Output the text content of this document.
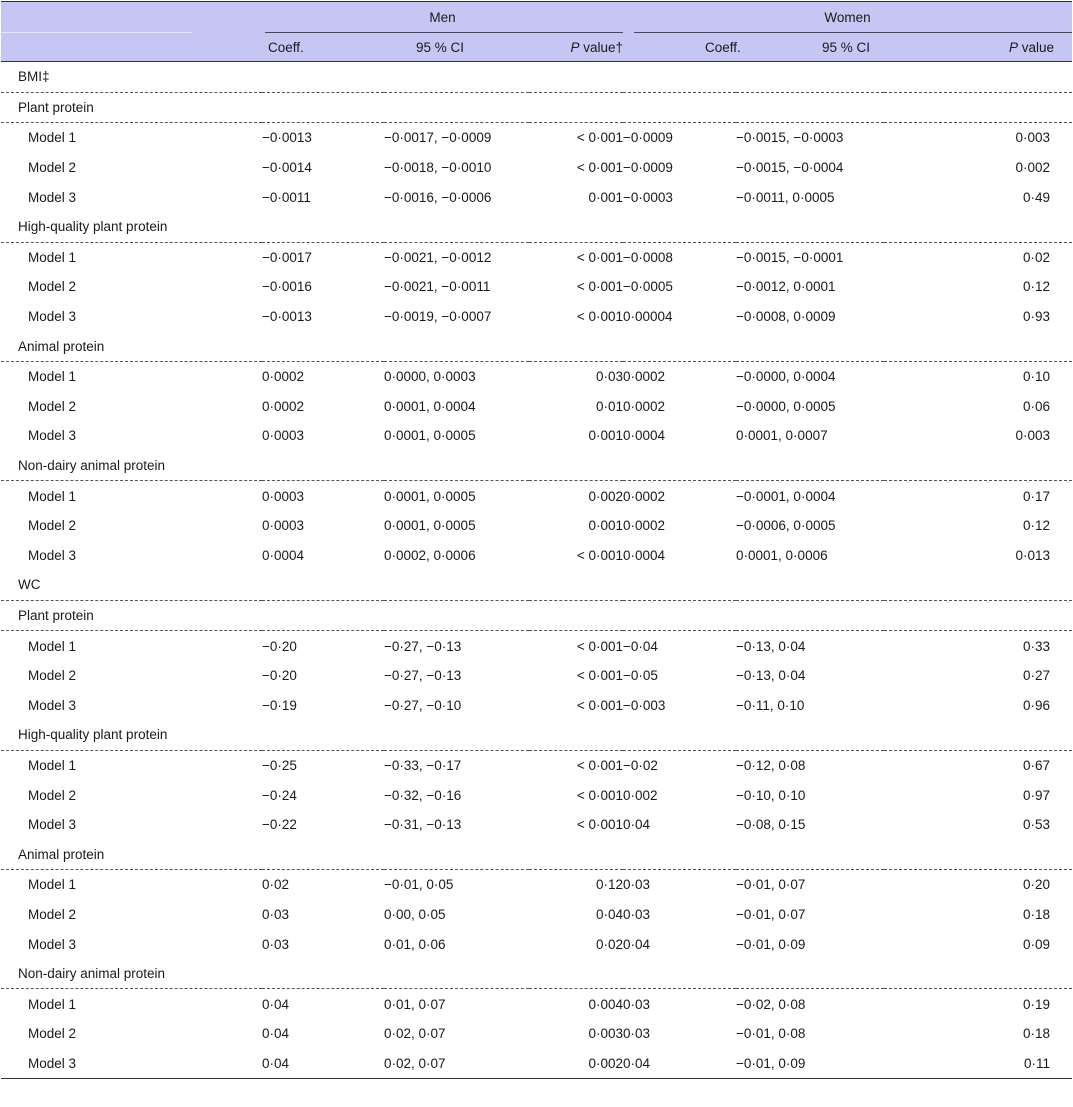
	Men			Women		
	Coeff.	95 % CI	P value†	Coeff.	95 % CI	P value
BMI‡						
Plant protein						
Model 1	−0·0013	−0·0017, −0·0009	< 0·001	−0·0009	−0·0015, −0·0003	0·003
Model 2	−0·0014	−0·0018, −0·0010	< 0·001	−0·0009	−0·0015, −0·0004	0·002
Model 3	−0·0011	−0·0016, −0·0006	0·001	−0·0003	−0·0011, 0·0005	0·49
High-quality plant protein						
Model 1	−0·0017	−0·0021, −0·0012	< 0·001	−0·0008	−0·0015, −0·0001	0·02
Model 2	−0·0016	−0·0021, −0·0011	< 0·001	−0·0005	−0·0012, 0·0001	0·12
Model 3	−0·0013	−0·0019, −0·0007	< 0·001	0·00004	−0·0008, 0·0009	0·93
Animal protein						
Model 1	0·0002	0·0000, 0·0003	0·03	0·0002	−0·0000, 0·0004	0·10
Model 2	0·0002	0·0001, 0·0004	0·01	0·0002	−0·0000, 0·0005	0·06
Model 3	0·0003	0·0001, 0·0005	0·001	0·0004	0·0001, 0·0007	0·003
Non-dairy animal protein						
Model 1	0·0003	0·0001, 0·0005	0·002	0·0002	−0·0001, 0·0004	0·17
Model 2	0·0003	0·0001, 0·0005	0·001	0·0002	−0·0006, 0·0005	0·12
Model 3	0·0004	0·0002, 0·0006	< 0·001	0·0004	0·0001, 0·0006	0·013
WC						
Plant protein						
Model 1	−0·20	−0·27, −0·13	< 0·001	−0·04	−0·13, 0·04	0·33
Model 2	−0·20	−0·27, −0·13	< 0·001	−0·05	−0·13, 0·04	0·27
Model 3	−0·19	−0·27, −0·10	< 0·001	−0·003	−0·11, 0·10	0·96
High-quality plant protein						
Model 1	−0·25	−0·33, −0·17	< 0·001	−0·02	−0·12, 0·08	0·67
Model 2	−0·24	−0·32, −0·16	< 0·001	0·002	−0·10, 0·10	0·97
Model 3	−0·22	−0·31, −0·13	< 0·001	0·04	−0·08, 0·15	0·53
Animal protein						
Model 1	0·02	−0·01, 0·05	0·12	0·03	−0·01, 0·07	0·20
Model 2	0·03	0·00, 0·05	0·04	0·03	−0·01, 0·07	0·18
Model 3	0·03	0·01, 0·06	0·02	0·04	−0·01, 0·09	0·09
Non-dairy animal protein						
Model 1	0·04	0·01, 0·07	0·004	0·03	−0·02, 0·08	0·19
Model 2	0·04	0·02, 0·07	0·003	0·03	−0·01, 0·08	0·18
Model 3	0·04	0·02, 0·07	0·002	0·04	−0·01, 0·09	0·11
